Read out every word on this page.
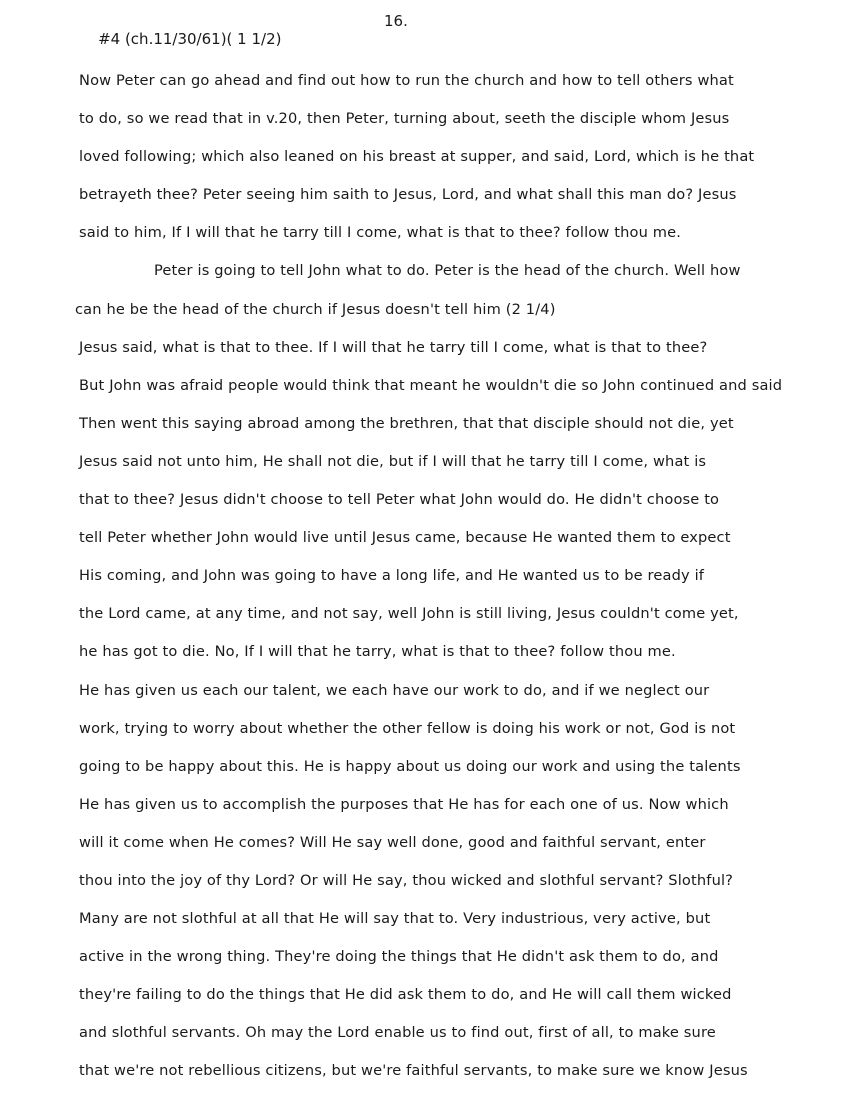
#4 (ch.11/30/61)( 1 1/2)

16.

Now Peter can go ahead and find out how to run the church and how to tell others what
to do, so we read that in v.20, then Peter, turning about, seeth the disciple whom Jesus
loved following; which also leaned on his breast at supper, and said, Lord, which is he that
betrayeth thee? Peter seeing him saith to Jesus, Lord, and what shall this man do? Jesus
said to him, If I will that he tarry till I come, what is that to thee? follow thou me.
Peter is going to tell John what to do. Peter is the head of the church. Well how
can he be the head of the church if Jesus doesn't tell him (2 1/4)
Jesus said, what is that to thee. If I will that he tarry till I come, what is that to thee?
But John was afraid people would think that meant he wouldn't die so John continued and said
Then went this saying abroad among the brethren, that that disciple should not die, yet
Jesus said not unto him, He shall not die, but if I will that he tarry till I come, what is
that to thee? Jesus didn't choose to tell Peter what John would do. He didn't choose to
tell Peter whether John would live until Jesus came, because He wanted them to expect
His coming, and John was going to have a long life, and He wanted us to be ready if
the Lord came, at any time, and not say, well John is still living, Jesus couldn't come yet,
he has got to die. No, If I will that he tarry, what is that to thee? follow thou me.
He has given us each our talent, we each have our work to do, and if we neglect our
work, trying to worry about whether the other fellow is doing his work or not, God is not
going to be happy about this. He is happy about us doing our work and using the talents
He has given us to accomplish the purposes that He has for each one of us. Now which
will it come when He comes? Will He say well done, good and faithful servant, enter
thou into the joy of thy Lord? Or will He say, thou wicked and slothful servant? Slothful?
Many are not slothful at all that He will say that to. Very industrious, very active, but
active in the wrong thing. They're doing the things that He didn't ask them to do, and
they're failing to do the things that He did ask them to do, and He will call them wicked
and slothful servants. Oh may the Lord enable us to find out, first of all, to make sure
that we're not rebellious citizens, but we're faithful servants, to make sure we know Jesus
